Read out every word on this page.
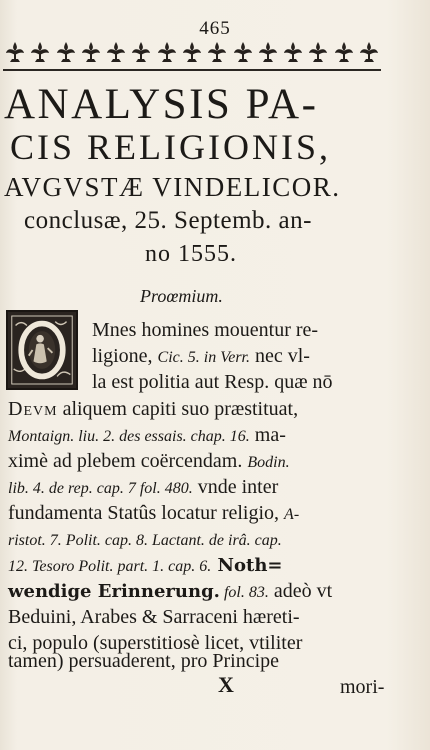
465
ANALYSIS PA-
CIS RELIGIONIS,
AVGVSTÆ VINDELICOR.
conclusæ, 25. Septemb. an-
no 1555.
Proœmium.
Mnes homines mouentur re-
ligione, Cic. 5. in Verr. nec vl-
la est politia aut Resp. quæ nō
Devm aliquem capiti suo præstituat,
Montaign. liu. 2. des essais. chap. 16. ma-
ximè ad plebem coërcendam. Bodin.
lib. 4. de rep. cap. 7 fol. 480. vnde inter
fundamenta Statûs locatur religio, A-
ristot. 7. Polit. cap. 8. Lactant. de irâ. cap.
12. Tesoro Polit. part. 1. cap. 6. Noth=
wendige Erinnerung. fol. 83. adeò vt
Beduini, Arabes & Sarraceni hæreti-
ci, populo (superstitiosè licet, vtiliter
tamen) persuaderent, pro Principe
X	mori-
